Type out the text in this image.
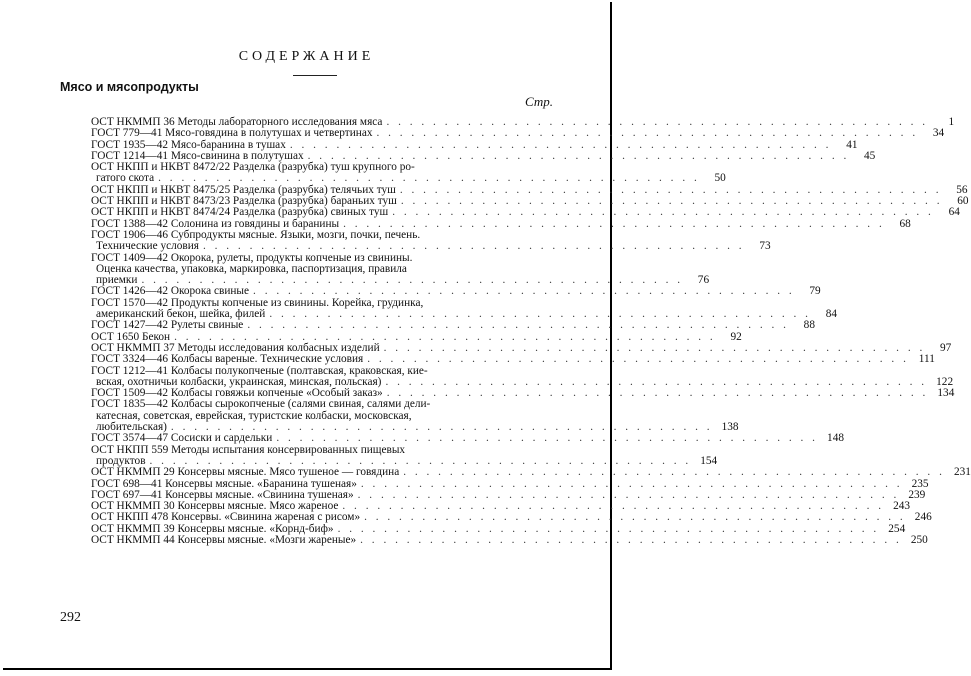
СОДЕРЖАНИЕ
Мясо и мясопродукты
Стр.
ОСТ НКММП 36 Методы лабораторного исследования мяса . . . . . . . . . . . . . . . . . . . . . . . . . . . . . . . . . . . . . . . . . . . . . . .	1
ГОСТ 779—41 Мясо-говядина в полутушах и четвертинах . . . . . . . . . . . . . . . . . . . . . . . . . . . . . . . . . . . . . . . . . . . . . . .	34
ГОСТ 1935—42 Мясо-баранина в тушах . . . . . . . . . . . . . . . . . . . . . . . . . . . . . . . . . . . . . . . . . . . . . . .	41
ГОСТ 1214—41 Мясо-свинина в полутушах . . . . . . . . . . . . . . . . . . . . . . . . . . . . . . . . . . . . . . . . . . . . . . .	45
ОСТ НКПП и НКВТ 8472/22 Разделка (разрубка) туш крупного ро-
гатого скота . . . . . . . . . . . . . . . . . . . . . . . . . . . . . . . . . . . . . . . . . . . . . . .	50
ОСТ НКПП и НКВТ 8475/25 Разделка (разрубка) телячьих туш . . . . . . . . . . . . . . . . . . . . . . . . . . . . . . . . . . . . . . . . . . . . . . .	56
ОСТ НКПП и НКВТ 8473/23 Разделка (разрубка) бараньих туш . . . . . . . . . . . . . . . . . . . . . . . . . . . . . . . . . . . . . . . . . . . . . . .	60
ОСТ НКПП и НКВТ 8474/24 Разделка (разрубка) свиных туш . . . . . . . . . . . . . . . . . . . . . . . . . . . . . . . . . . . . . . . . . . . . . . .	64
ГОСТ 1388—42 Солонина из говядины и баранины . . . . . . . . . . . . . . . . . . . . . . . . . . . . . . . . . . . . . . . . . . . . . . .	68
ГОСТ 1906—46 Субпродукты мясные. Языки, мозги, почки, печень.
Технические условия . . . . . . . . . . . . . . . . . . . . . . . . . . . . . . . . . . . . . . . . . . . . . . .	73
ГОСТ 1409—42 Окорока, рулеты, продукты копченые из свинины.
Оценка качества, упаковка, маркировка, паспортизация, правила
приемки . . . . . . . . . . . . . . . . . . . . . . . . . . . . . . . . . . . . . . . . . . . . . . .	76
ГОСТ 1426—42 Окорока свиные . . . . . . . . . . . . . . . . . . . . . . . . . . . . . . . . . . . . . . . . . . . . . . .	79
ГОСТ 1570—42 Продукты копченые из свинины. Корейка, грудинка,
американский бекон, шейка, филей . . . . . . . . . . . . . . . . . . . . . . . . . . . . . . . . . . . . . . . . . . . . . . .	84
ГОСТ 1427—42 Рулеты свиные . . . . . . . . . . . . . . . . . . . . . . . . . . . . . . . . . . . . . . . . . . . . . . .	88
ОСТ 1650 Бекон . . . . . . . . . . . . . . . . . . . . . . . . . . . . . . . . . . . . . . . . . . . . . . .	92
ОСТ НКММП 37 Методы исследования колбасных изделий . . . . . . . . . . . . . . . . . . . . . . . . . . . . . . . . . . . . . . . . . . . . . . .	97
ГОСТ 3324—46 Колбасы вареные. Технические условия . . . . . . . . . . . . . . . . . . . . . . . . . . . . . . . . . . . . . . . . . . . . . . . 111
ГОСТ 1212—41 Колбасы полукопченые (полтавская, краковская, кие-
вская, охотничьи колбаски, украинская, минская, польская) . . . . . . . . . . . . . . . . . . . . . . . . . . . . . . . . . . . . . . . . . . . . . . . 122
ГОСТ 1509—42 Колбасы говяжьи копченые «Особый заказ» . . . . . . . . . . . . . . . . . . . . . . . . . . . . . . . . . . . . . . . . . . . . . . . 134
ГОСТ 1835—42 Колбасы сырокопченые (салями свиная, салями дели-
катесная, советская, еврейская, туристские колбаски, московская,
любительская) . . . . . . . . . . . . . . . . . . . . . . . . . . . . . . . . . . . . . . . . . . . . . . . 138
ГОСТ 3574—47 Сосиски и сардельки . . . . . . . . . . . . . . . . . . . . . . . . . . . . . . . . . . . . . . . . . . . . . . . 148
ОСТ НКПП 559 Методы испытания консервированных пищевых
продуктов . . . . . . . . . . . . . . . . . . . . . . . . . . . . . . . . . . . . . . . . . . . . . . . 154
ОСТ НКММП 29 Консервы мясные. Мясо тушеное — говядина . . . . . . . . . . . . . . . . . . . . . . . . . . . . . . . . . . . . . . . . . . . . . . . 231
ГОСТ 698—41 Консервы мясные. «Баранина тушеная» . . . . . . . . . . . . . . . . . . . . . . . . . . . . . . . . . . . . . . . . . . . . . . . 235
ГОСТ 697—41 Консервы мясные. «Свинина тушеная» . . . . . . . . . . . . . . . . . . . . . . . . . . . . . . . . . . . . . . . . . . . . . . . 239
ОСТ НКММП 30 Консервы мясные. Мясо жареное . . . . . . . . . . . . . . . . . . . . . . . . . . . . . . . . . . . . . . . . . . . . . . . 243
ОСТ НКПП 478 Консервы. «Свинина жареная с рисом» . . . . . . . . . . . . . . . . . . . . . . . . . . . . . . . . . . . . . . . . . . . . . . . 246
ОСТ НКММП 39 Консервы мясные. «Корнд-биф» . . . . . . . . . . . . . . . . . . . . . . . . . . . . . . . . . . . . . . . . . . . . . . . 254
ОСТ НКММП 44 Консервы мясные. «Мозги жареные» . . . . . . . . . . . . . . . . . . . . . . . . . . . . . . . . . . . . . . . . . . . . . . . 250
292
